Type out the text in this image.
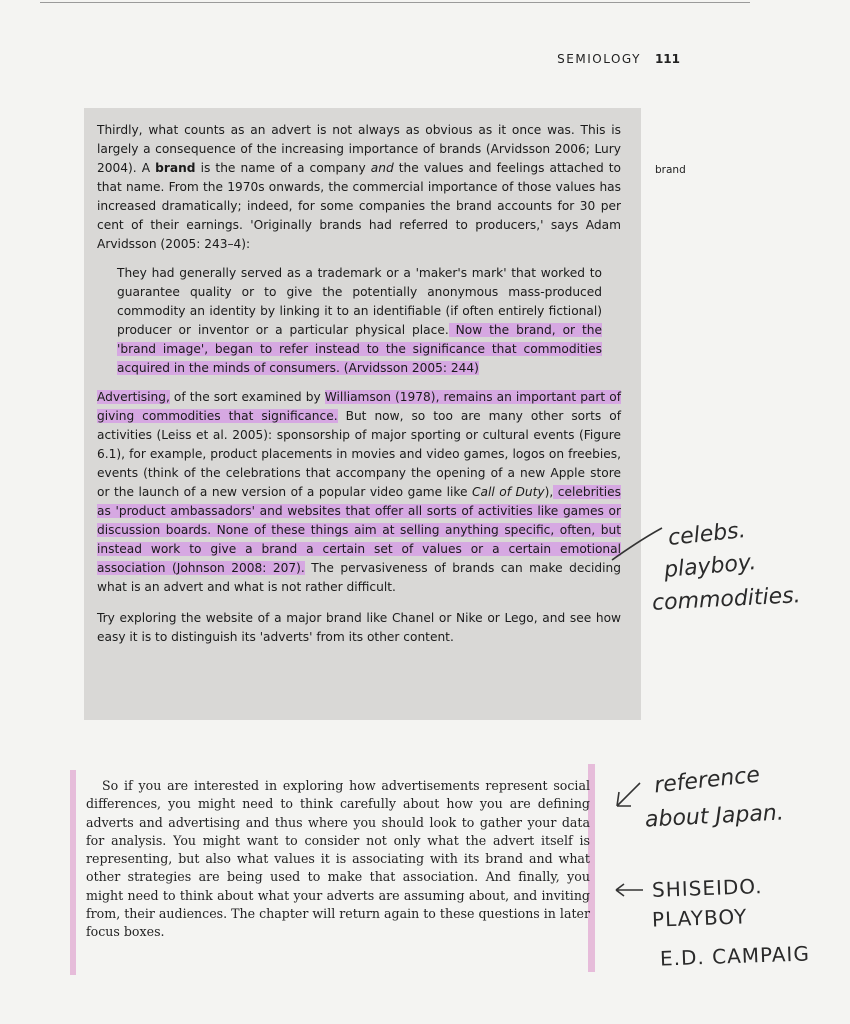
SEMIOLOGY 111
brand

Thirdly, what counts as an advert is not always as obvious as it once was. This is largely a consequence of the increasing importance of brands (Arvidsson 2006; Lury 2004). A brand is the name of a company and the values and feelings attached to that name. From the 1970s onwards, the commercial importance of those values has increased dramatically; indeed, for some companies the brand accounts for 30 per cent of their earnings. 'Originally brands had referred to producers,' says Adam Arvidsson (2005: 243–4):

They had generally served as a trademark or a 'maker's mark' that worked to guarantee quality or to give the potentially anonymous mass-produced commodity an identity by linking it to an identifiable (if often entirely fictional) producer or inventor or a particular physical place. Now the brand, or the 'brand image', began to refer instead to the significance that commodities acquired in the minds of consumers. (Arvidsson 2005: 244)

Advertising, of the sort examined by Williamson (1978), remains an important part of giving commodities that significance. But now, so too are many other sorts of activities (Leiss et al. 2005): sponsorship of major sporting or cultural events (Figure 6.1), for example, product placements in movies and video games, logos on freebies, events (think of the celebrations that accompany the opening of a new Apple store or the launch of a new version of a popular video game like Call of Duty), celebrities as 'product ambassadors' and websites that offer all sorts of activities like games or discussion boards. None of these things aim at selling anything specific, often, but instead work to give a brand a certain set of values or a certain emotional association (Johnson 2008: 207). The pervasiveness of brands can make deciding what is an advert and what is not rather difficult.

Try exploring the website of a major brand like Chanel or Nike or Lego, and see how easy it is to distinguish its 'adverts' from its other content.

So if you are interested in exploring how advertisements represent social differences, you might need to think carefully about how you are defining adverts and advertising and thus where you should look to gather your data for analysis. You might want to consider not only what the advert itself is representing, but also what values it is associating with its brand and what other strategies are being used to make that association. And finally, you might need to think about what your adverts are assuming about, and inviting from, their audiences. The chapter will return again to these questions in later focus boxes.

celebs.
playboy.
commodities.
reference
about Japan.
SHISEIDO.
PLAYBOY
E.D. CAMPAIG
